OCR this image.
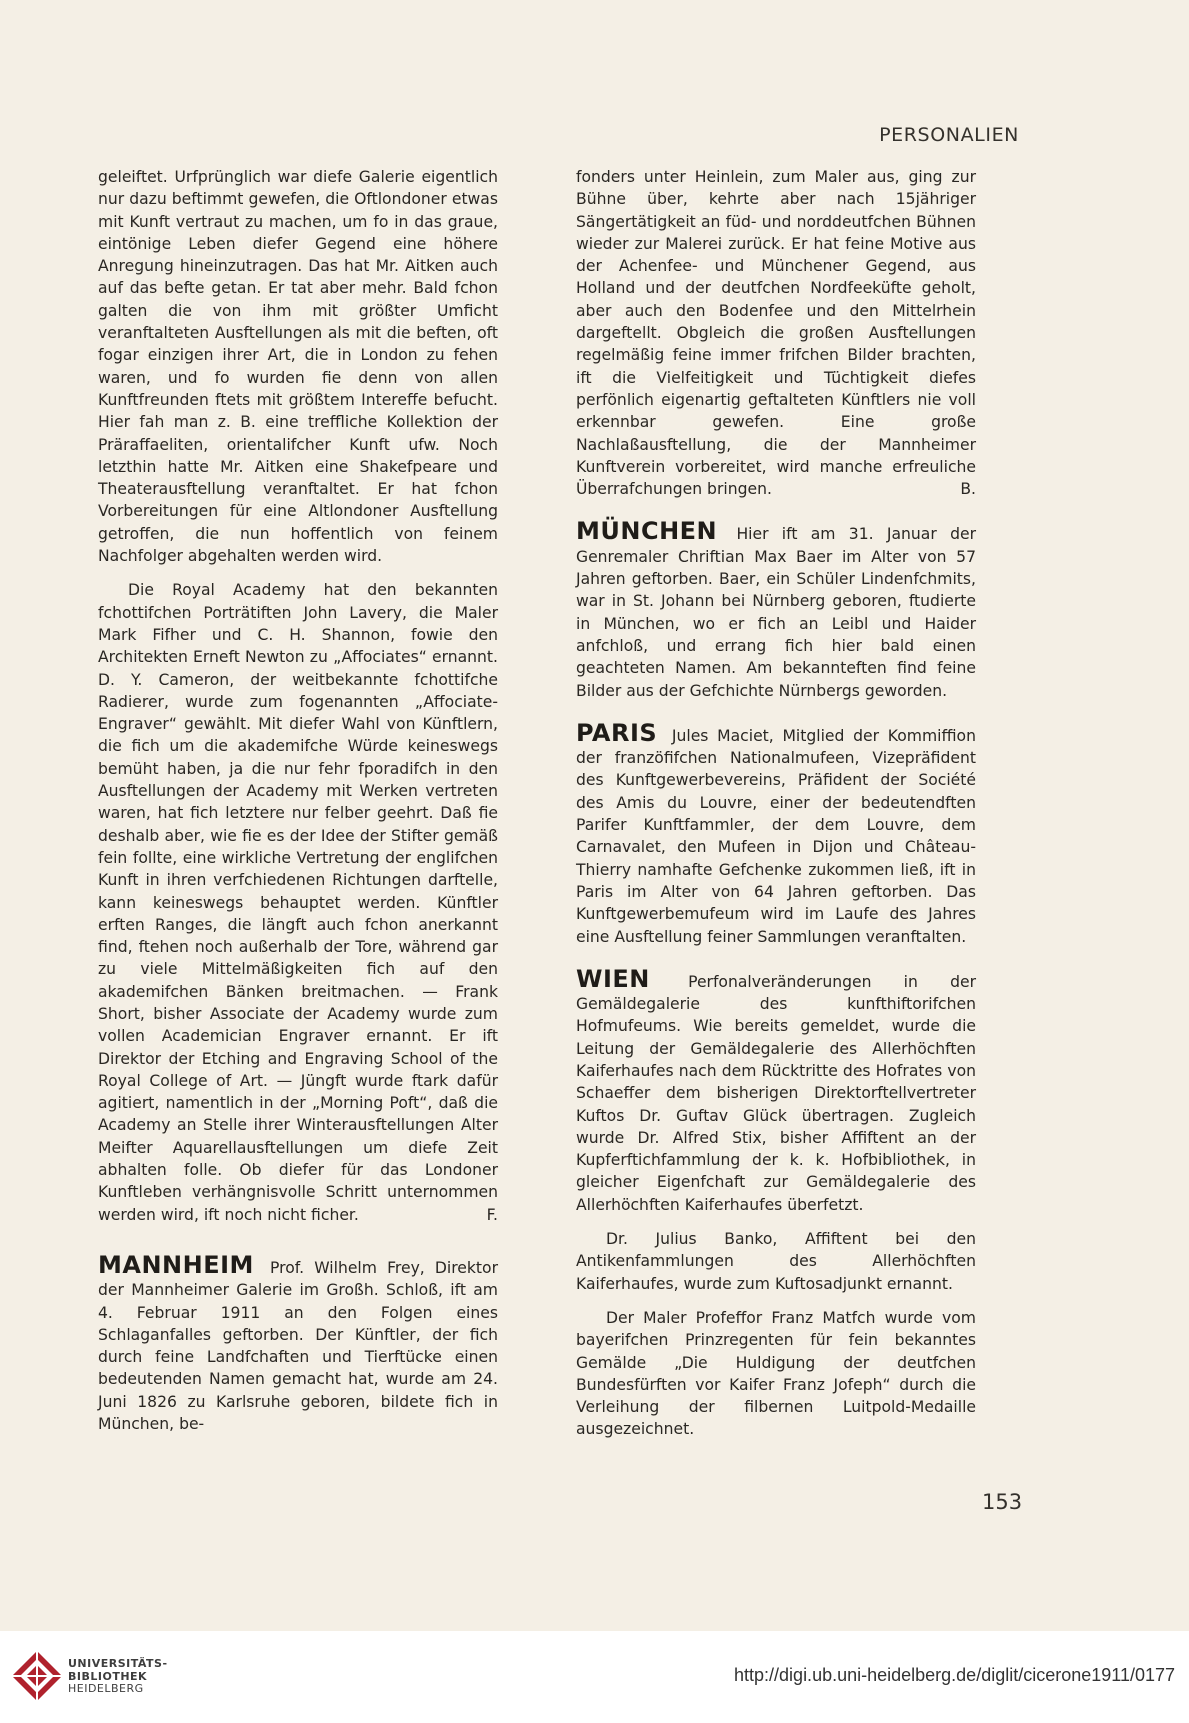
PERSONALIEN

geleiftet. Urfprünglich war diefe Galerie eigentlich nur dazu beftimmt gewefen, die Oftlondoner etwas mit Kunft vertraut zu machen, um fo in das graue, eintönige Leben diefer Gegend eine höhere Anregung hineinzutragen. Das hat Mr. Aitken auch auf das befte getan. Er tat aber mehr. Bald fchon galten die von ihm mit größter Umficht veranftalteten Ausftellungen als mit die beften, oft fogar einzigen ihrer Art, die in London zu fehen waren, und fo wurden fie denn von allen Kunftfreunden ftets mit größtem Intereffe befucht. Hier fah man z. B. eine treffliche Kollektion der Präraffaeliten, orientalifcher Kunft ufw. Noch letzthin hatte Mr. Aitken eine Shakefpeare und Theaterausftellung veranftaltet. Er hat fchon Vorbereitungen für eine Altlondoner Ausftellung getroffen, die nun hoffentlich von feinem Nachfolger abgehalten werden wird.

Die Royal Academy hat den bekannten fchottifchen Porträtiften John Lavery, die Maler Mark Fifher und C. H. Shannon, fowie den Architekten Erneft Newton zu „Affociates“ ernannt. D. Y. Cameron, der weitbekannte fchottifche Radierer, wurde zum fogenannten „Affociate-Engraver“ gewählt. Mit diefer Wahl von Künftlern, die fich um die akademifche Würde keineswegs bemüht haben, ja die nur fehr fporadifch in den Ausftellungen der Academy mit Werken vertreten waren, hat fich letztere nur felber geehrt. Daß fie deshalb aber, wie fie es der Idee der Stifter gemäß fein follte, eine wirkliche Vertretung der englifchen Kunft in ihren verfchiedenen Richtungen darftelle, kann keineswegs behauptet werden. Künftler erften Ranges, die längft auch fchon anerkannt find, ftehen noch außerhalb der Tore, während gar zu viele Mittelmäßigkeiten fich auf den akademifchen Bänken breitmachen. — Frank Short, bisher Associate der Academy wurde zum vollen Academician Engraver ernannt. Er ift Direktor der Etching and Engraving School of the Royal College of Art. — Jüngft wurde ftark dafür agitiert, namentlich in der „Morning Poft“, daß die Academy an Stelle ihrer Winterausftellungen Alter Meifter Aquarellausftellungen um diefe Zeit abhalten folle. Ob diefer für das Londoner Kunftleben verhängnisvolle Schritt unternommen werden wird, ift noch nicht ficher.	F.

MANNHEIM Prof. Wilhelm Frey, Direktor der Mannheimer Galerie im Großh. Schloß, ift am 4. Februar 1911 an den Folgen eines Schlaganfalles geftorben. Der Künftler, der fich durch feine Landfchaften und Tierftücke einen bedeutenden Namen gemacht hat, wurde am 24. Juni 1826 zu Karlsruhe geboren, bildete fich in München, be-

fonders unter Heinlein, zum Maler aus, ging zur Bühne über, kehrte aber nach 15jähriger Sängertätigkeit an füd- und norddeutfchen Bühnen wieder zur Malerei zurück. Er hat feine Motive aus der Achenfee- und Münchener Gegend, aus Holland und der deutfchen Nordfeeküfte geholt, aber auch den Bodenfee und den Mittelrhein dargeftellt. Obgleich die großen Ausftellungen regelmäßig feine immer frifchen Bilder brachten, ift die Vielfeitigkeit und Tüchtigkeit diefes perfönlich eigenartig geftalteten Künftlers nie voll erkennbar gewefen. Eine große Nachlaßausftellung, die der Mannheimer Kunftverein vorbereitet, wird manche erfreuliche Überrafchungen bringen.	B.

MÜNCHEN Hier ift am 31. Januar der Genremaler Chriftian Max Baer im Alter von 57 Jahren geftorben. Baer, ein Schüler Lindenfchmits, war in St. Johann bei Nürnberg geboren, ftudierte in München, wo er fich an Leibl und Haider anfchloß, und errang fich hier bald einen geachteten Namen. Am bekannteften find feine Bilder aus der Gefchichte Nürnbergs geworden.

PARIS Jules Maciet, Mitglied der Kommiffion der franzöfifchen Nationalmufeen, Vizepräfident des Kunftgewerbevereins, Präfident der Société des Amis du Louvre, einer der bedeutendften Parifer Kunftfammler, der dem Louvre, dem Carnavalet, den Mufeen in Dijon und Château-Thierry namhafte Gefchenke zukommen ließ, ift in Paris im Alter von 64 Jahren geftorben. Das Kunftgewerbemufeum wird im Laufe des Jahres eine Ausftellung feiner Sammlungen veranftalten.

WIEN Perfonalveränderungen in der Gemäldegalerie des kunfthiftorifchen Hofmufeums. Wie bereits gemeldet, wurde die Leitung der Gemäldegalerie des Allerhöchften Kaiferhaufes nach dem Rücktritte des Hofrates von Schaeffer dem bisherigen Direktorftellvertreter Kuftos Dr. Guftav Glück übertragen. Zugleich wurde Dr. Alfred Stix, bisher Affiftent an der Kupferftichfammlung der k. k. Hofbibliothek, in gleicher Eigenfchaft zur Gemäldegalerie des Allerhöchften Kaiferhaufes überfetzt.

Dr. Julius Banko, Affiftent bei den Antikenfammlungen des Allerhöchften Kaiferhaufes, wurde zum Kuftosadjunkt ernannt.

Der Maler Profeffor Franz Matfch wurde vom bayerifchen Prinzregenten für fein bekanntes Gemälde „Die Huldigung der deutfchen Bundesfürften vor Kaifer Franz Jofeph“ durch die Verleihung der filbernen Luitpold-Medaille ausgezeichnet.

153
UNIVERSITÄTS-
BIBLIOTHEK
HEIDELBERG
http://digi.ub.uni-heidelberg.de/diglit/cicerone1911/0177
